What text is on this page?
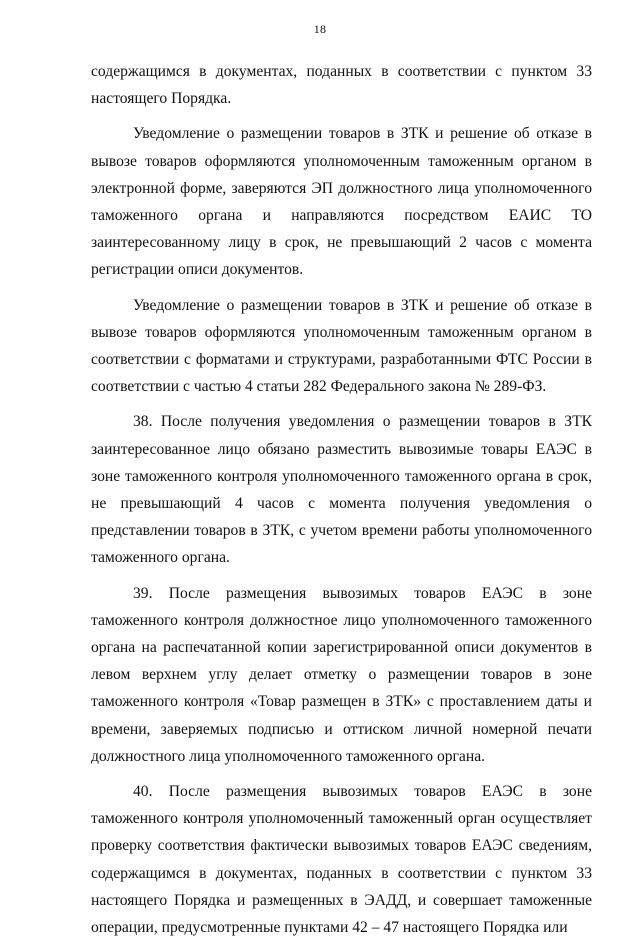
18

содержащимся в документах, поданных в соответствии с пунктом 33 настоящего Порядка.

Уведомление о размещении товаров в ЗТК и решение об отказе в вывозе товаров оформляются уполномоченным таможенным органом в электронной форме, заверяются ЭП должностного лица уполномоченного таможенного органа и направляются посредством ЕАИС ТО заинтересованному лицу в срок, не превышающий 2 часов с момента регистрации описи документов.

Уведомление о размещении товаров в ЗТК и решение об отказе в вывозе товаров оформляются уполномоченным таможенным органом в соответствии с форматами и структурами, разработанными ФТС России в соответствии с частью 4 статьи 282 Федерального закона № 289-ФЗ.

38. После получения уведомления о размещении товаров в ЗТК заинтересованное лицо обязано разместить вывозимые товары ЕАЭС в зоне таможенного контроля уполномоченного таможенного органа в срок, не превышающий 4 часов с момента получения уведомления о представлении товаров в ЗТК, с учетом времени работы уполномоченного таможенного органа.

39. После размещения вывозимых товаров ЕАЭС в зоне таможенного контроля должностное лицо уполномоченного таможенного органа на распечатанной копии зарегистрированной описи документов в левом верхнем углу делает отметку о размещении товаров в зоне таможенного контроля «Товар размещен в ЗТК» с проставлением даты и времени, заверяемых подписью и оттиском личной номерной печати должностного лица уполномоченного таможенного органа.

40. После размещения вывозимых товаров ЕАЭС в зоне таможенного контроля уполномоченный таможенный орган осуществляет проверку соответствия фактически вывозимых товаров ЕАЭС сведениям, содержащимся в документах, поданных в соответствии с пунктом 33 настоящего Порядка и размещенных в ЭАДД, и совершает таможенные операции, предусмотренные пунктами 42 – 47 настоящего Порядка или
